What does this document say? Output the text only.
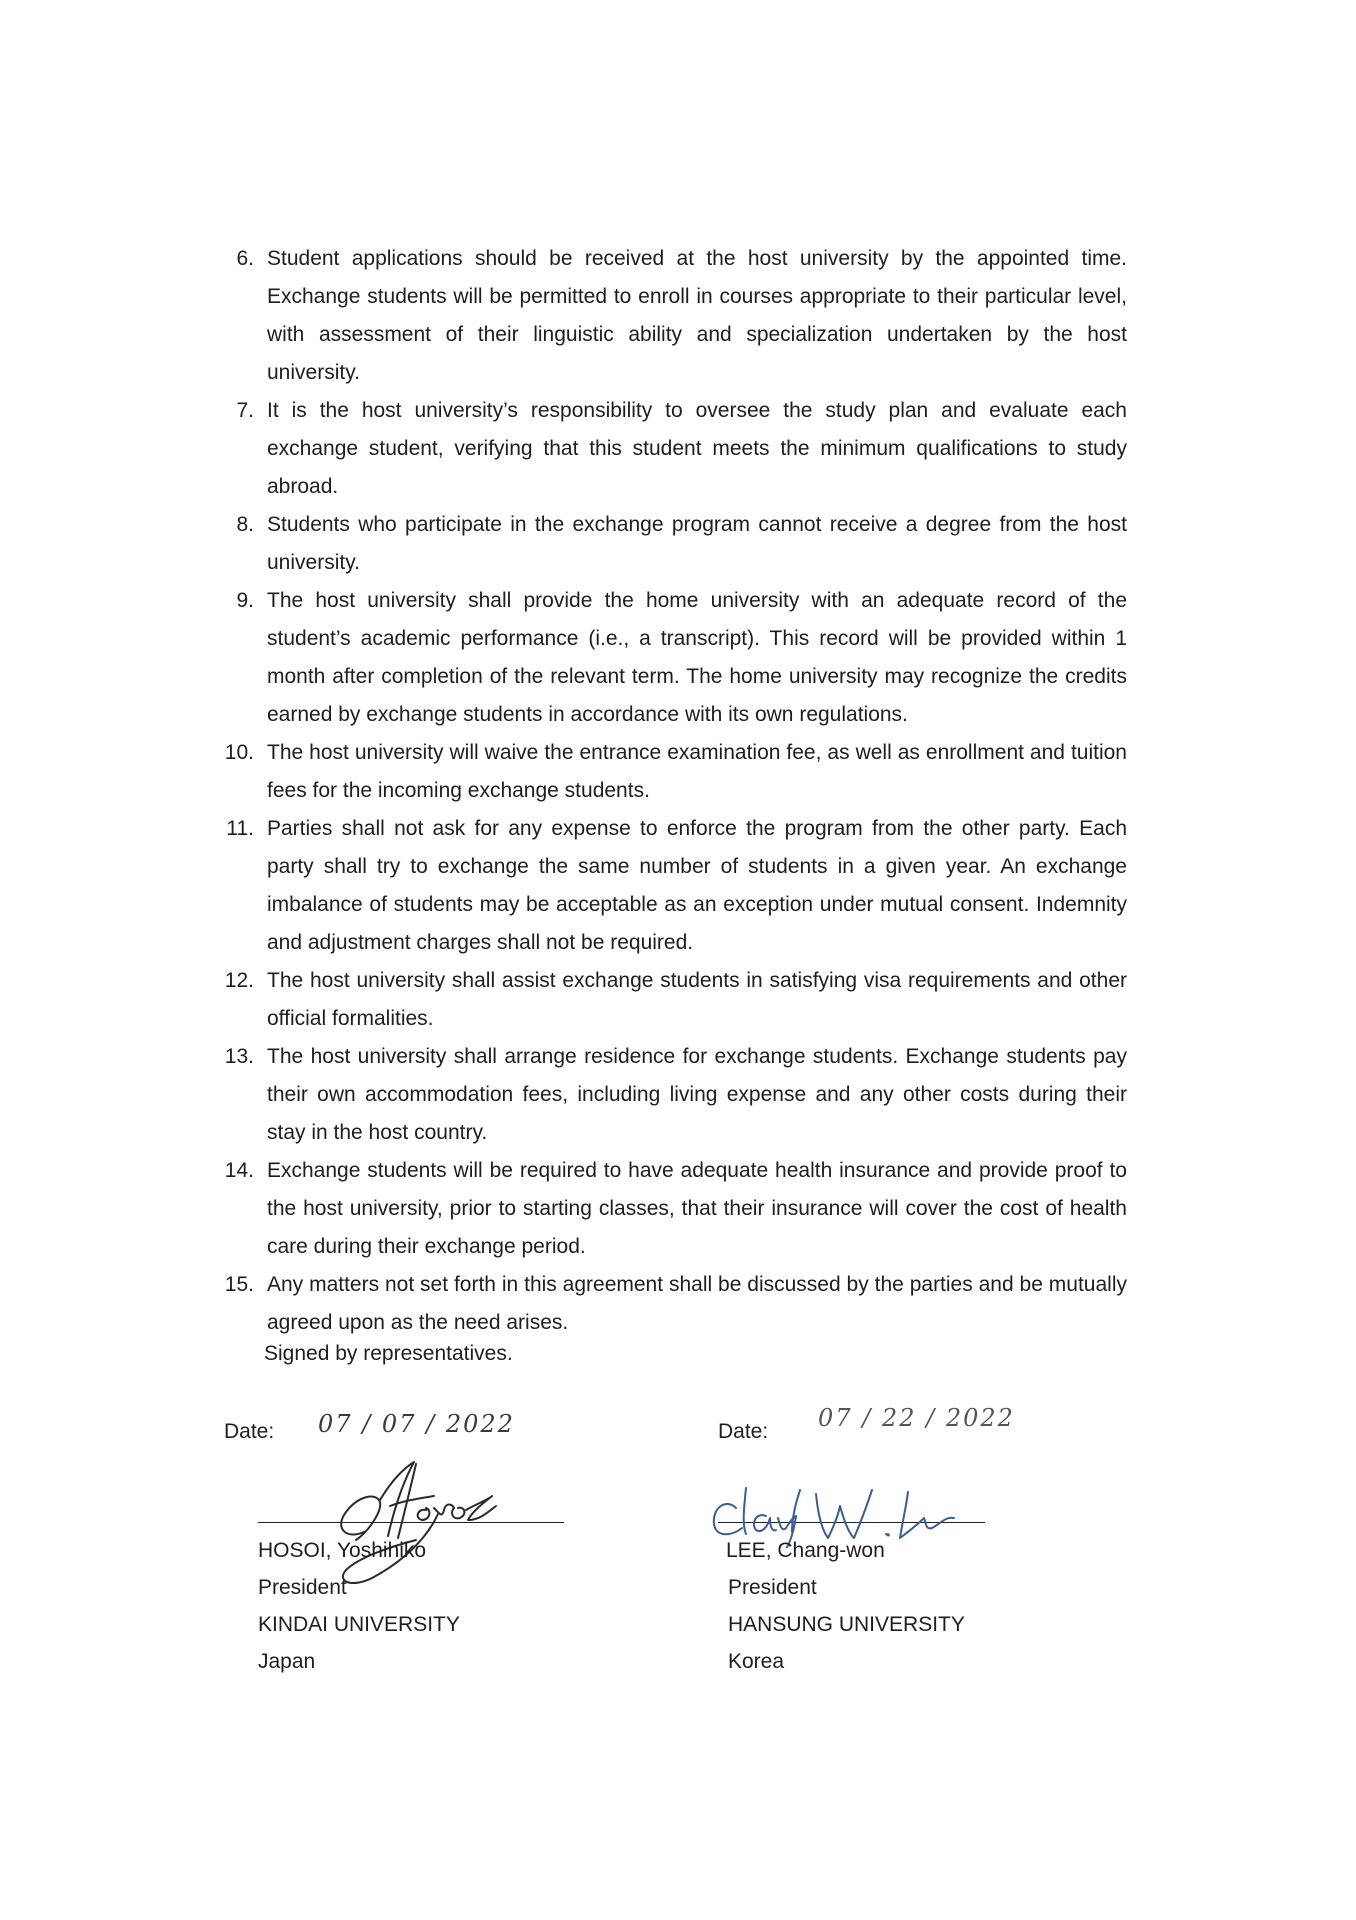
6. Student applications should be received at the host university by the appointed time. Exchange students will be permitted to enroll in courses appropriate to their particular level, with assessment of their linguistic ability and specialization undertaken by the host university.
7. It is the host university’s responsibility to oversee the study plan and evaluate each exchange student, verifying that this student meets the minimum qualifications to study abroad.
8. Students who participate in the exchange program cannot receive a degree from the host university.
9. The host university shall provide the home university with an adequate record of the student’s academic performance (i.e., a transcript). This record will be provided within 1 month after completion of the relevant term. The home university may recognize the credits earned by exchange students in accordance with its own regulations.
10. The host university will waive the entrance examination fee, as well as enrollment and tuition fees for the incoming exchange students.
11. Parties shall not ask for any expense to enforce the program from the other party. Each party shall try to exchange the same number of students in a given year. An exchange imbalance of students may be acceptable as an exception under mutual consent. Indemnity and adjustment charges shall not be required.
12. The host university shall assist exchange students in satisfying visa requirements and other official formalities.
13. The host university shall arrange residence for exchange students. Exchange students pay their own accommodation fees, including living expense and any other costs during their stay in the host country.
14. Exchange students will be required to have adequate health insurance and provide proof to the host university, prior to starting classes, that their insurance will cover the cost of health care during their exchange period.
15. Any matters not set forth in this agreement shall be discussed by the parties and be mutually agreed upon as the need arises.
Signed by representatives.
Date: 07 / 07 / 2022
HOSOI, Yoshihiko
President
KINDAI UNIVERSITY
Japan
Date: 07 / 22 / 2022
LEE, Chang-won
President
HANSUNG UNIVERSITY
Korea
